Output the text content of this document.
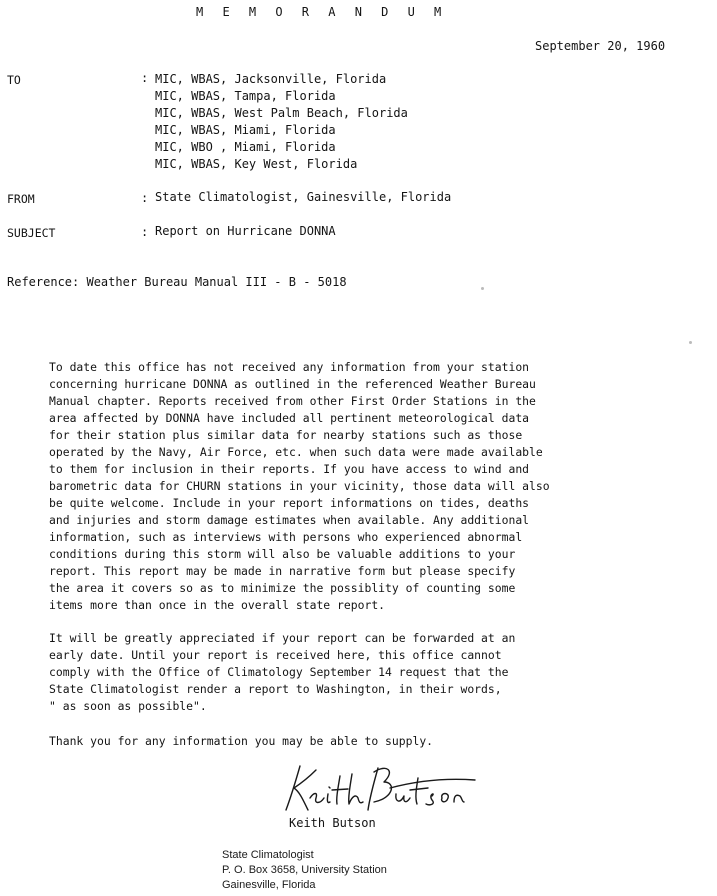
M E M O R A N D U M
September 20, 1960
TO	: MIC, WBAS, Jacksonville, Florida
MIC, WBAS, Tampa, Florida
MIC, WBAS, West Palm Beach, Florida
MIC, WBAS, Miami, Florida
MIC, WBO , Miami, Florida
MIC, WBAS, Key West, Florida
FROM	: State Climatologist, Gainesville, Florida
SUBJECT	: Report on Hurricane DONNA
Reference: Weather Bureau Manual III - B - 5018

To date this office has not received any information from your station
concerning hurricane DONNA as outlined in the referenced Weather Bureau
Manual chapter. Reports received from other First Order Stations in the
area affected by DONNA have included all pertinent meteorological data
for their station plus similar data for nearby stations such as those
operated by the Navy, Air Force, etc. when such data were made available
to them for inclusion in their reports. If you have access to wind and
barometric data for CHURN stations in your vicinity, those data will also
be quite welcome. Include in your report informations on tides, deaths
and injuries and storm damage estimates when available. Any additional
information, such as interviews with persons who experienced abnormal
conditions during this storm will also be valuable additions to your
report. This report may be made in narrative form but please specify
the area it covers so as to minimize the possiblity of counting some
items more than once in the overall state report.

It will be greatly appreciated if your report can be forwarded at an
early date. Until your report is received here, this office cannot
comply with the Office of Climatology September 14 request that the
State Climatologist render a report to Washington, in their words,
" as soon as possible".

Thank you for any information you may be able to supply.

Keith Butson
State Climatologist
P. O. Box 3658, University Station
Gainesville, Florida
